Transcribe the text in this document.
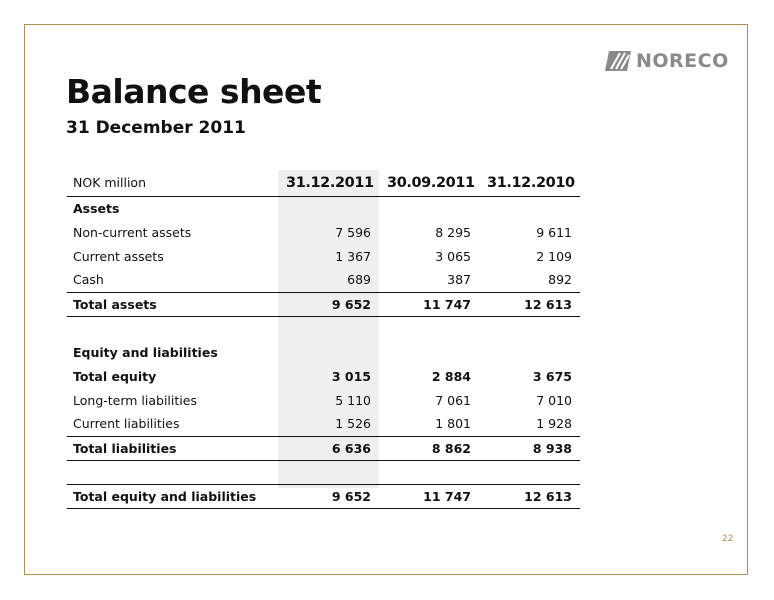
NORECO
Balance sheet
31 December 2011
NOK million	31.12.2011	30.09.2011	31.12.2010
Assets			
Non-current assets	7 596	8 295	9 611
Current assets	1 367	3 065	2 109
Cash	689	387	892
Total assets	9 652	11 747	12 613

Equity and liabilities			
Total equity	3 015	2 884	3 675
Long-term liabilities	5 110	7 061	7 010
Current liabilities	1 526	1 801	1 928
Total liabilities	6 636	8 862	8 938

Total equity and liabilities	9 652	11 747	12 613
22
